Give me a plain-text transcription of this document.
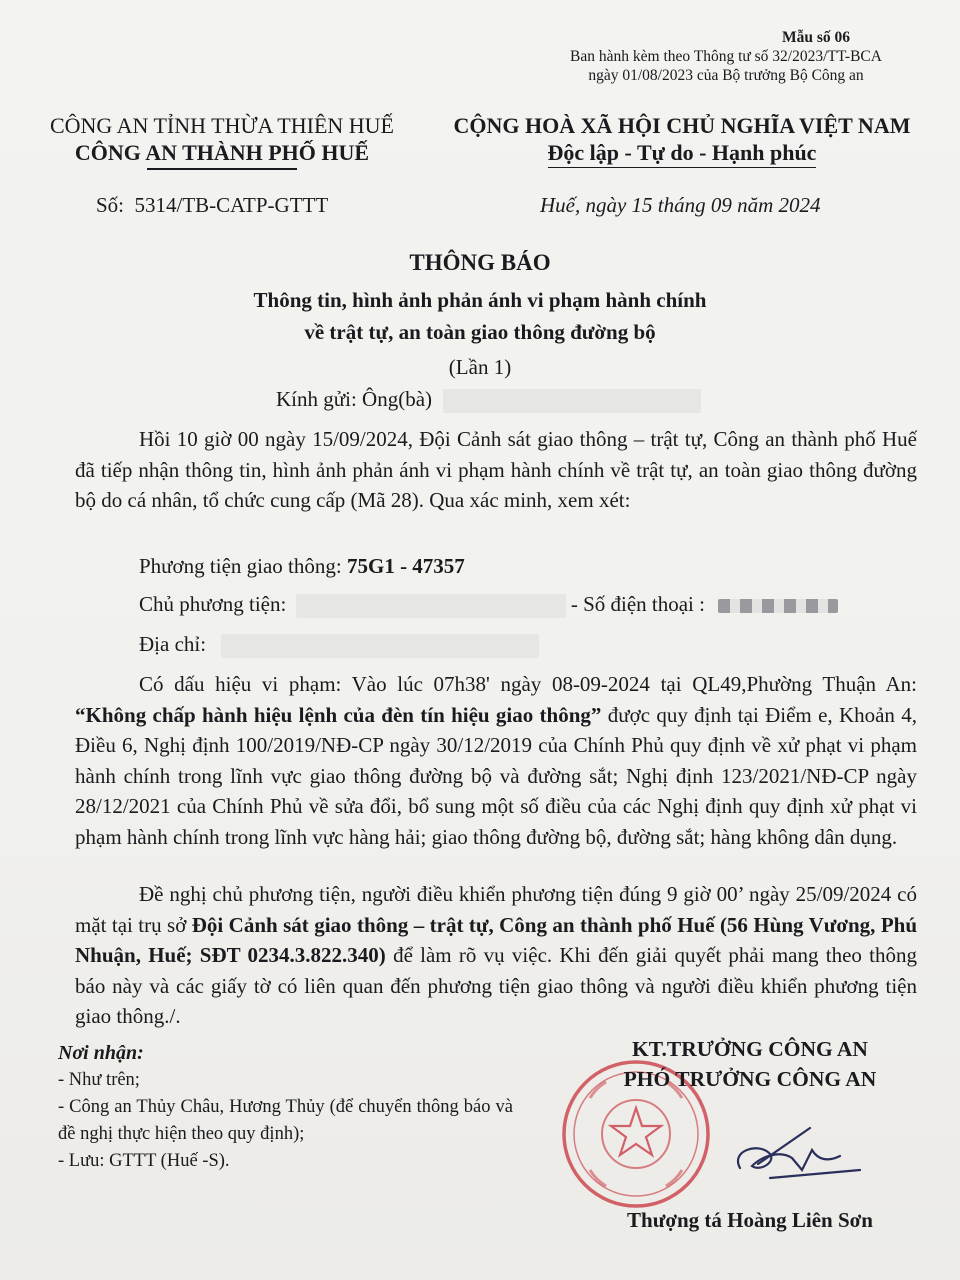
Mẫu số 06
Ban hành kèm theo Thông tư số 32/2023/TT-BCA
ngày 01/08/2023 của Bộ trưởng Bộ Công an
CÔNG AN TỈNH THỪA THIÊN HUẾ
CÔNG AN THÀNH PHỐ HUẾ
CỘNG HOÀ XÃ HỘI CHỦ NGHĨA VIỆT NAM
Độc lập - Tự do - Hạnh phúc
Số: 5314/TB-CATP-GTTT	Huế, ngày 15 tháng 09 năm 2024
THÔNG BÁO
Thông tin, hình ảnh phản ánh vi phạm hành chính
về trật tự, an toàn giao thông đường bộ
(Lần 1)
Kính gửi: Ông(bà)
Hồi 10 giờ 00 ngày 15/09/2024, Đội Cảnh sát giao thông – trật tự, Công an thành phố Huế đã tiếp nhận thông tin, hình ảnh phản ánh vi phạm hành chính về trật tự, an toàn giao thông đường bộ do cá nhân, tổ chức cung cấp (Mã 28). Qua xác minh, xem xét:
Phương tiện giao thông: 75G1 - 47357
Chủ phương tiện:	- Số điện thoại :
Địa chỉ:
Có dấu hiệu vi phạm: Vào lúc 07h38' ngày 08-09-2024 tại QL49,Phường Thuận An: “Không chấp hành hiệu lệnh của đèn tín hiệu giao thông” được quy định tại Điểm e, Khoản 4, Điều 6, Nghị định 100/2019/NĐ-CP ngày 30/12/2019 của Chính Phủ quy định về xử phạt vi phạm hành chính trong lĩnh vực giao thông đường bộ và đường sắt; Nghị định 123/2021/NĐ-CP ngày 28/12/2021 của Chính Phủ về sửa đổi, bổ sung một số điều của các Nghị định quy định xử phạt vi phạm hành chính trong lĩnh vực hàng hải; giao thông đường bộ, đường sắt; hàng không dân dụng.
Đề nghị chủ phương tiện, người điều khiển phương tiện đúng 9 giờ 00’ ngày 25/09/2024 có mặt tại trụ sở Đội Cảnh sát giao thông – trật tự, Công an thành phố Huế (56 Hùng Vương, Phú Nhuận, Huế; SĐT 0234.3.822.340) để làm rõ vụ việc. Khi đến giải quyết phải mang theo thông báo này và các giấy tờ có liên quan đến phương tiện giao thông và người điều khiển phương tiện giao thông./.
Nơi nhận:
- Như trên;
- Công an Thủy Châu, Hương Thủy (để chuyển thông báo và đề nghị thực hiện theo quy định);
- Lưu: GTTT (Huế -S).
KT.TRƯỞNG CÔNG AN
PHÓ TRƯỞNG CÔNG AN
Thượng tá Hoàng Liên Sơn
